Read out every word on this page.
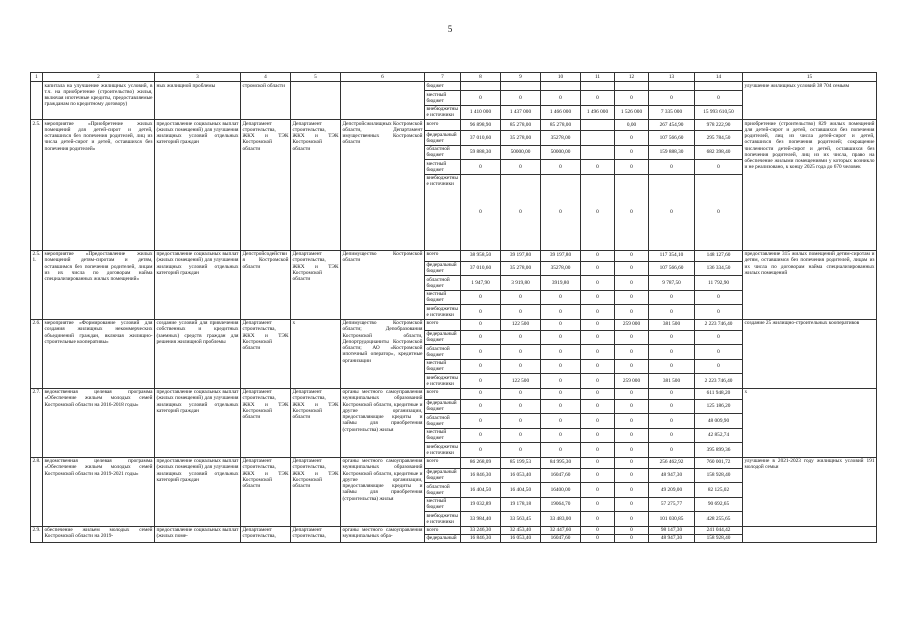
5
1	2	3	4	5	6	7	8	9	10	11	12	13	14	15
	капитала на улучшение жилищных условий, в т.ч. на приобретение (строительство) жилья, включая ипотечные кредиты, предоставляемые гражданам по кредитному договору)	ных жилищной проблемы	стромской области			бюджет								улучшение жилищных условий 38 704 семьям
						местный бюджет	0	0	0	0	0	0	0	
						внебюджетные источники	1 410 000	1 437 000	1 466 000	1 496 000	1 526 000	7 335 000	15 993 610,50	
2.5.	мероприятие «Приобретение жилых помещений для детей-сирот и детей, оставшихся без попечения родителей, лиц из числа детей-сирот и детей, оставшихся без попечения родителей»	предоставление социальных выплат (жилых помещений) для улучшения жилищных условий отдельных категорий граждан	Департамент строительства, ЖКХ и ТЭК Костромской области	Департамент строительства, ЖКХ и ТЭК Костромской области	Депстройсжилищных Костромской области, Департамент имущественных Костромской области	всего	96 898,90	85 278,00	85 278,00		0,00	267 454,90	978 222,90	приобретение (строительство) 829 жилых помещений для детей-сирот и детей, оставшихся без попечения родителей, лиц из числа детей-сирот и детей, оставшихся без попечения родителей; сокращение численности детей-сирот и детей, оставшихся без попечения родителей, лиц из их числа, право на обеспечение жилыми помещениями у которых возникло и не реализовано, к концу 2025 года до 670 человек
						федеральный бюджет	37 010,60	35 278,00	35278,00		0	107 566,60	295 784,50	
						областной бюджет	59 888,30	50000,00	50000,00		0	159 888,30	682 398,40	
						местный бюджет	0	0	0	0	0	0	0	
						внебюджетные источники	0	0	0	0	0	0	0	
2.5.1.	мероприятие «Предоставление жилых помещений детям-сиротам и детям, оставшимся без попечения родителей, лицам из их числа по договорам найма специализированных жилых помещений»	предоставление социальных выплат (жилых помещений) для улучшения жилищных условий отдельных категорий граждан	Депстройсодействия Костромской области	Департамент строительства, ЖКХ и ТЭК Костромской области	Депимущество Костромской области	всего	38 958,50	39 197,80	39 197,80	0	0	117 354,10	148 127,60	предоставление 315 жилых помещений детям-сиротам и детям, оставшимся без попечения родителей, лицам из их числа по договорам найма специализированных жилых помещений
						федеральный бюджет	37 010,60	35 278,00	35278,00	0	0	107 566,60	136 334,50	
						областной бюджет	1 947,90	3 919,80	3919,80	0	0	9 787,50	11 792,90	
						местный бюджет	0	0	0	0	0	0	0	
						внебюджетные источники	0	0	0	0	0	0	0	
2.6.	мероприятие «Формирование условий для создания жилищных некоммерческих объединений граждан, включая жилищно-строительные кооперативы»	создание условий для привлечения собственных и кредитных (заемных) средств граждан для решения жилищной проблемы	Департамент строительства, ЖКХ и ТЭК Костромской области	х	Депимущество Костромской области; Депобразования Костромской области, Депортрудоцианиты Костромской области; АО «Костромской ипотечный оператор», кредитные организации	всего	0	122 500	0	0	259 000	381 500	2 223 746,40	создание 25 жилищно-строительных кооперативов
						федеральный бюджет	0	0	0	0	0	0	0	
						областной бюджет	0	0	0	0	0	0	0	
						местный бюджет	0	0	0	0	0	0	0	
						внебюджетные источники	0	122 500	0	0	259 000	381 500	2 223 746,40	
2.7.	ведомственная целевая программа «Обеспечение жильем молодых семей Костромской области на 2016-2018 годы»	предоставление социальных выплат (жилых помещений) для улучшения жилищных условий отдельных категорий граждан	Департамент строительства, ЖКХ и ТЭК Костромской области	Департамент строительства, ЖКХ и ТЭК Костромской области	органы местного самоуправления муниципальных образований Костромской области, кредитные и другие организации, предоставляющие кредиты и займы для приобретения (строительства) жилья	всего	0	0	0	0	0	0	611 948,20	х
						федеральный бюджет	0	0	0	0	0	0	125 186,20	
						областной бюджет	0	0	0	0	0	0	48 009,90	
						местный бюджет	0	0	0	0	0	0	42 852,74	
						внебюджетные источники	0	0	0	0	0	0	395 899,36	
2.8.	ведомственная целевая программа «Обеспечение жильем молодых семей Костромской области на 2019-2021 годы»	предоставление социальных выплат (жилых помещений) для улучшения жилищных условий отдельных категорий граждан	Департамент строительства, ЖКХ и ТЭК Костромской области	Департамент строительства, ЖКХ и ТЭК Костромской области	органы местного самоуправления муниципальных образований Костромской области, кредитные и другие организации, предоставляющие кредиты и займы для приобретения (строительства) жилья	всего	86 268,09	85 199,53	84 995,30	0	0	256 462,92	760 001,72	улучшение в 2021-2023 году жилищных условий 191 молодой семьи
						федеральный бюджет	16 846,30	16 053,40	16047,60	0	0	48 947,30	158 928,40	
						областной бюджет	16 404,50	16 404,50	16400,00	0	0	49 209,00	82 125,02	
						местный бюджет	19 032,89	19 178,18	19064,70	0	0	57 275,77	90 692,65	
						внебюджетные источники	33 984,40	33 563,45	33 483,00	0	0	101 030,85	428 255,65	
2.9.	обеспечение жильем молодых семей Костромской области на 2019-	предоставление социальных выплат (жилых поме-	Департамент строительства,	Департамент строительства,	органы местного самоуправления муниципальных обра-	всего	33 246,30	32 453,40	32 447,60	0	0	98 147,30	241 044,42	
						федеральный	16 846,30	16 053,40	16047,60	0	0	48 947,30	158 928,40	
